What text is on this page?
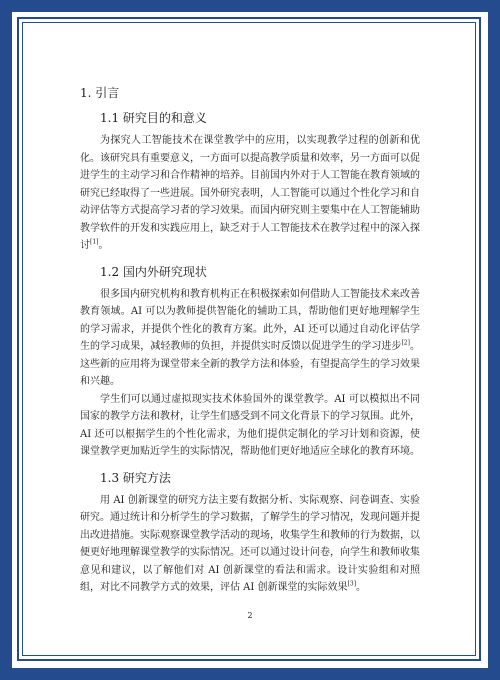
1. 引言
1.1 研究目的和意义

为探究人工智能技术在课堂教学中的应用，以实现教学过程的创新和优化。该研究具有重要意义，一方面可以提高教学质量和效率，另一方面可以促进学生的主动学习和合作精神的培养。目前国内外对于人工智能在教育领域的研究已经取得了一些进展。国外研究表明，人工智能可以通过个性化学习和自动评估等方式提高学习者的学习效果。而国内研究则主要集中在人工智能辅助教学软件的开发和实践应用上，缺乏对于人工智能技术在教学过程中的深入探讨[1]。

1.2 国内外研究现状

很多国内研究机构和教育机构正在积极探索如何借助人工智能技术来改善教育领域。AI 可以为教师提供智能化的辅助工具，帮助他们更好地理解学生的学习需求，并提供个性化的教育方案。此外，AI 还可以通过自动化评估学生的学习成果，减轻教师的负担，并提供实时反馈以促进学生的学习进步[2]。这些新的应用将为课堂带来全新的教学方法和体验，有望提高学生的学习效果和兴趣。

学生们可以通过虚拟现实技术体验国外的课堂教学。AI 可以模拟出不同国家的教学方法和教材，让学生们感受到不同文化背景下的学习氛围。此外，AI 还可以根据学生的个性化需求，为他们提供定制化的学习计划和资源，使课堂教学更加贴近学生的实际情况，帮助他们更好地适应全球化的教育环境。

1.3 研究方法

用 AI 创新课堂的研究方法主要有数据分析、实际观察、问卷调查、实验研究。通过统计和分析学生的学习数据，了解学生的学习情况，发现问题并提出改进措施。实际观察课堂教学活动的现场，收集学生和教师的行为数据，以便更好地理解课堂教学的实际情况。还可以通过设计问卷，向学生和教师收集意见和建议，以了解他们对 AI 创新课堂的看法和需求。设计实验组和对照组，对比不同教学方式的效果，评估 AI 创新课堂的实际效果[3]。

2
